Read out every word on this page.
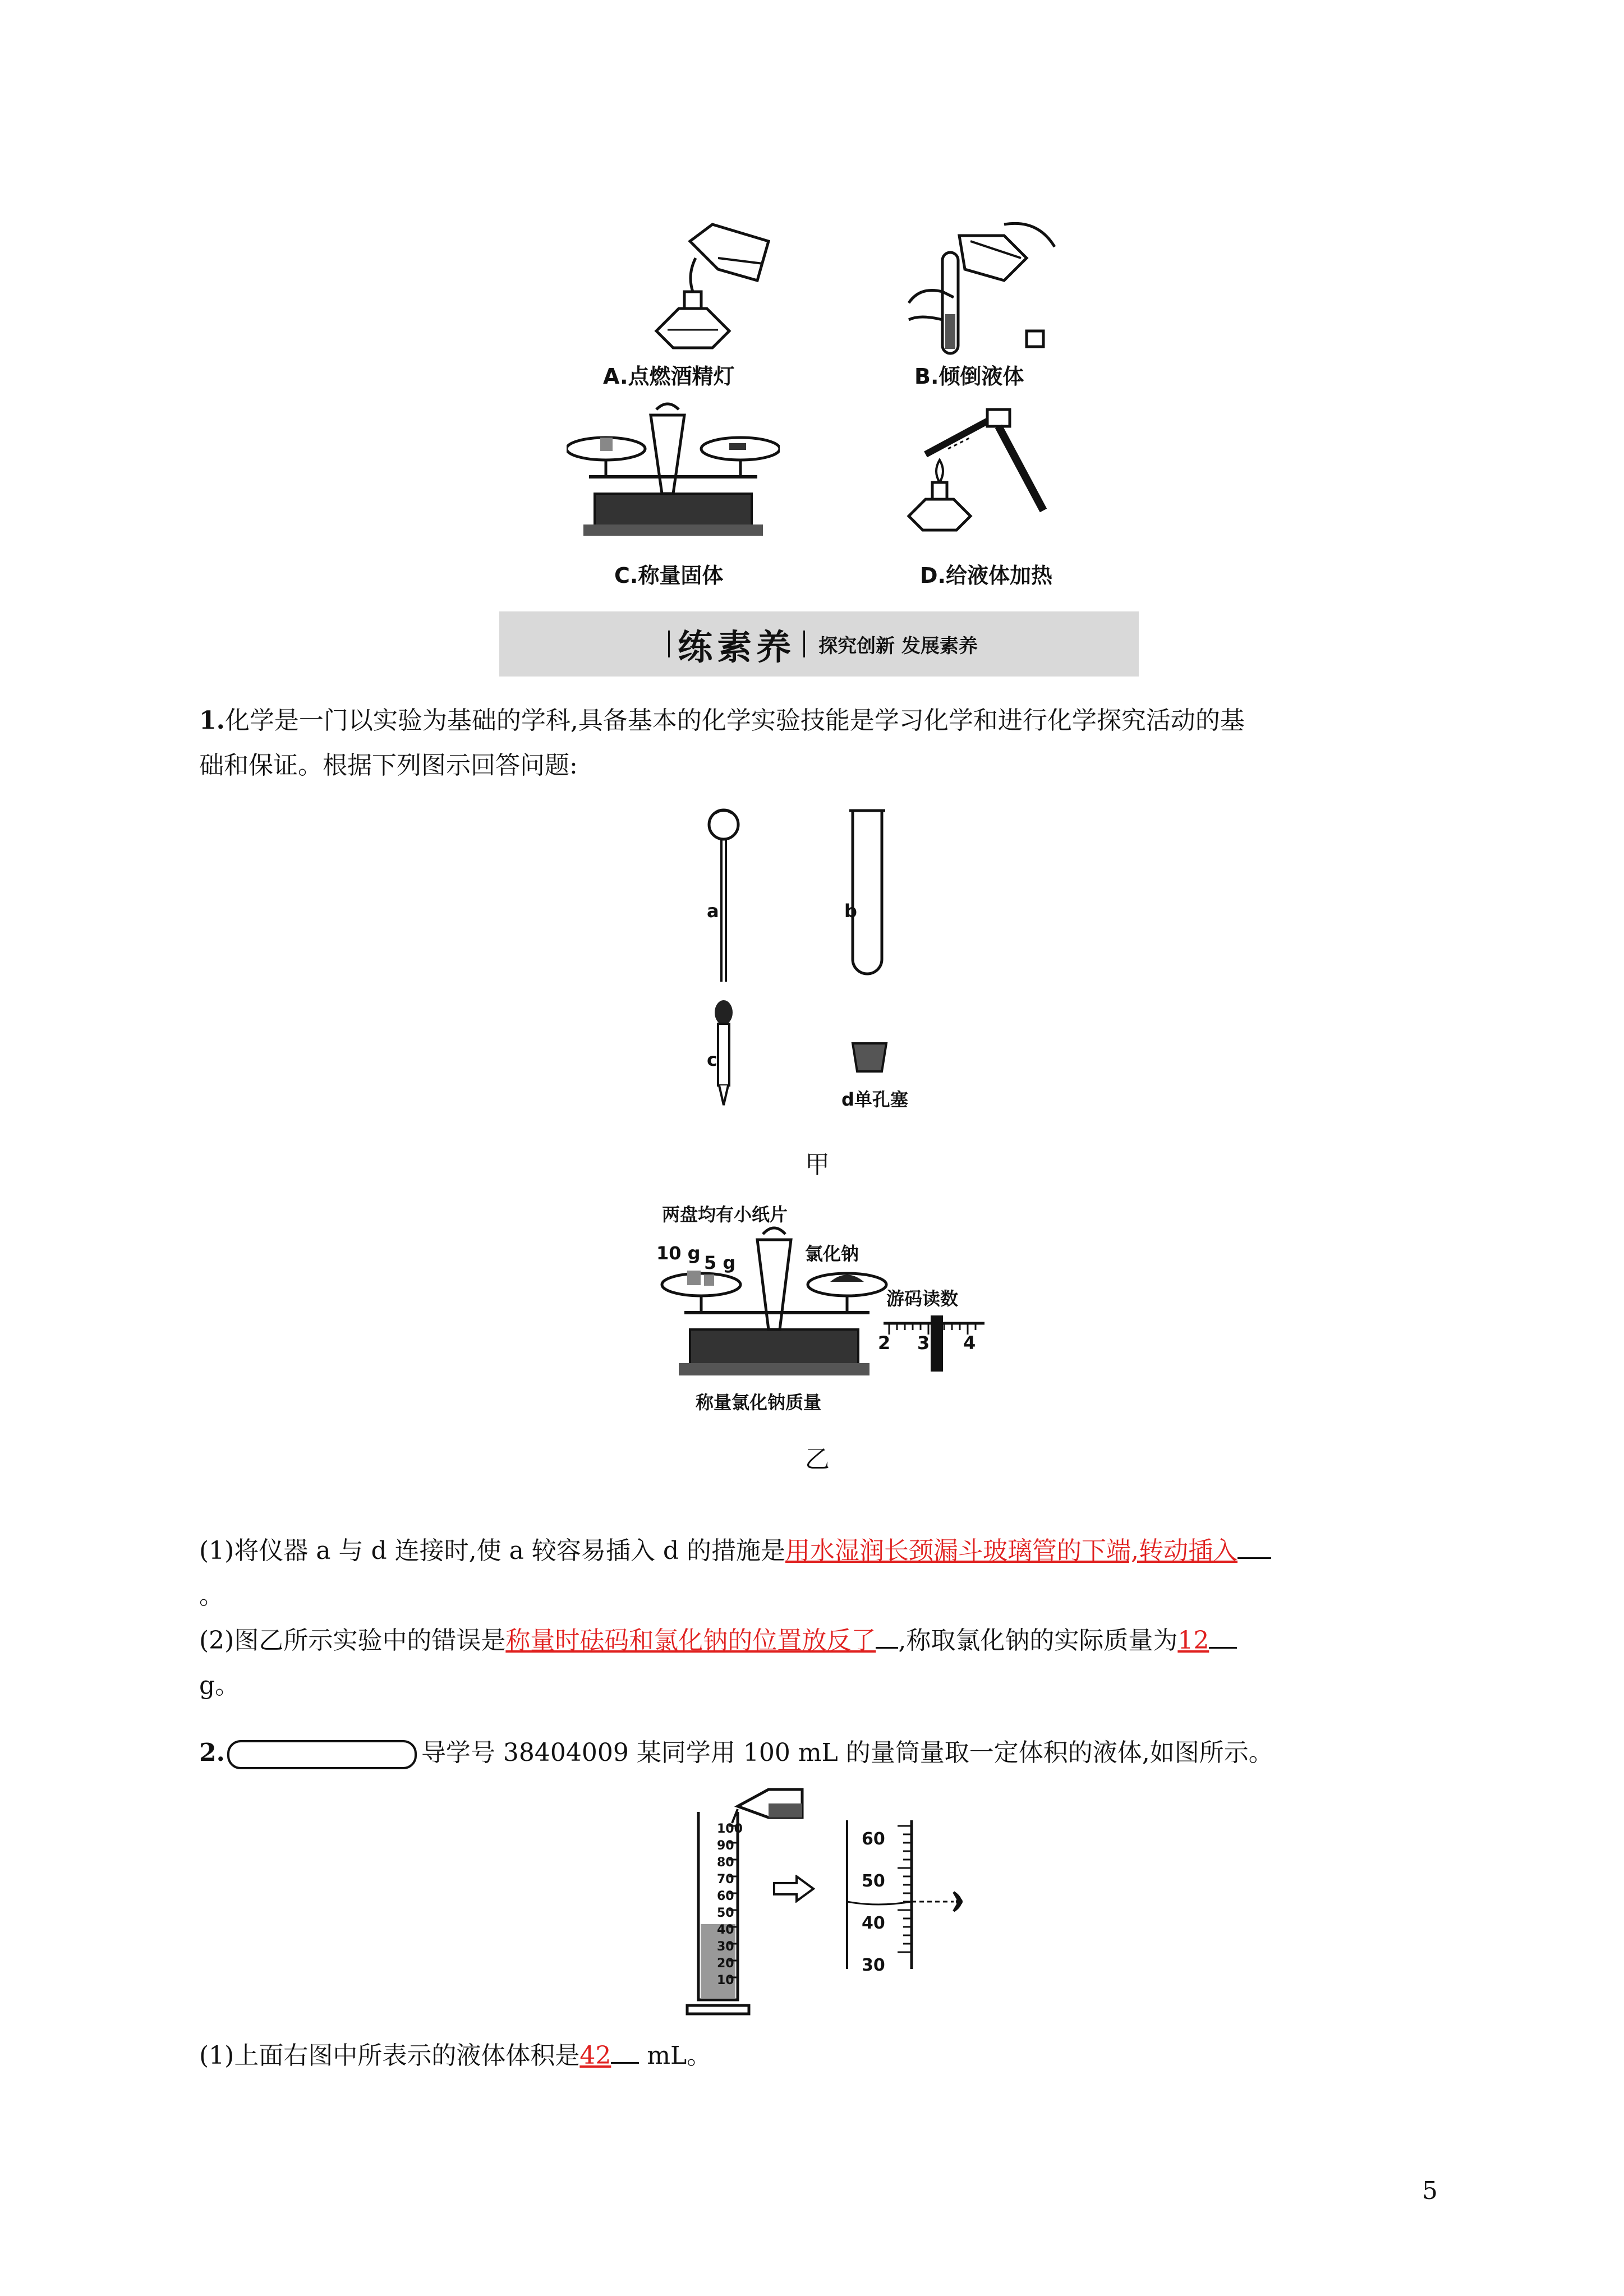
A.点燃酒精灯	B.倾倒液体
C.称量固体	D.给液体加热
练素养 探究创新 发展素养
1.化学是一门以实验为基础的学科,具备基本的化学实验技能是学习化学和进行化学探究活动的基
础和保证。根据下列图示回答问题:
a	b
c
d单孔塞
甲
两盘均有小纸片
10 g 5 g	氯化钠
称量氯化钠质量
游码读数
2 3 4
乙
(1)将仪器 a 与 d 连接时,使 a 较容易插入 d 的措施是用水湿润长颈漏斗玻璃管的下端,转动插入
。
(2)图乙所示实验中的错误是称量时砝码和氯化钠的位置放反了 ,称取氯化钠的实际质量为12
g。
2.	导学号 38404009 某同学用 100 mL 的量筒量取一定体积的液体,如图所示。
100
90
80
70
60
50
40
30
20
10
60
50
40
30
(1)上面右图中所表示的液体体积是42 mL。
5
